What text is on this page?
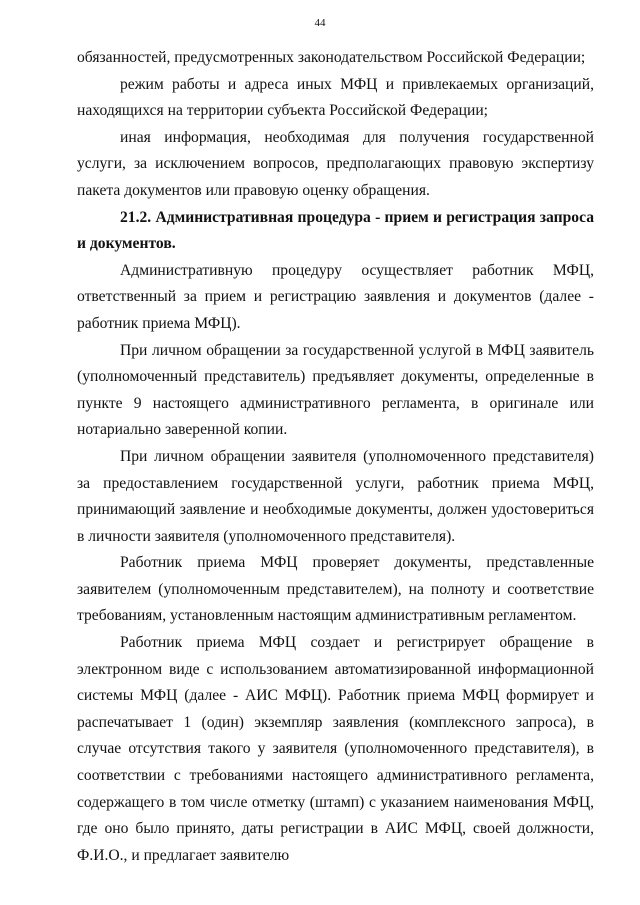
44

обязанностей, предусмотренных законодательством Российской Федерации;

режим работы и адреса иных МФЦ и привлекаемых организаций, находящихся на территории субъекта Российской Федерации;

иная информация, необходимая для получения государственной услуги, за исключением вопросов, предполагающих правовую экспертизу пакета документов или правовую оценку обращения.

21.2. Административная процедура - прием и регистрация запроса и документов.

Административную процедуру осуществляет работник МФЦ, ответственный за прием и регистрацию заявления и документов (далее - работник приема МФЦ).

При личном обращении за государственной услугой в МФЦ заявитель (уполномоченный представитель) предъявляет документы, определенные в пункте 9 настоящего административного регламента, в оригинале или нотариально заверенной копии.

При личном обращении заявителя (уполномоченного представителя) за предоставлением государственной услуги, работник приема МФЦ, принимающий заявление и необходимые документы, должен удостовериться в личности заявителя (уполномоченного представителя).

Работник приема МФЦ проверяет документы, представленные заявителем (уполномоченным представителем), на полноту и соответствие требованиям, установленным настоящим административным регламентом.

Работник приема МФЦ создает и регистрирует обращение в электронном виде с использованием автоматизированной информационной системы МФЦ (далее - АИС МФЦ). Работник приема МФЦ формирует и распечатывает 1 (один) экземпляр заявления (комплексного запроса), в случае отсутствия такого у заявителя (уполномоченного представителя), в соответствии с требованиями настоящего административного регламента, содержащего в том числе отметку (штамп) с указанием наименования МФЦ, где оно было принято, даты регистрации в АИС МФЦ, своей должности, Ф.И.О., и предлагает заявителю
